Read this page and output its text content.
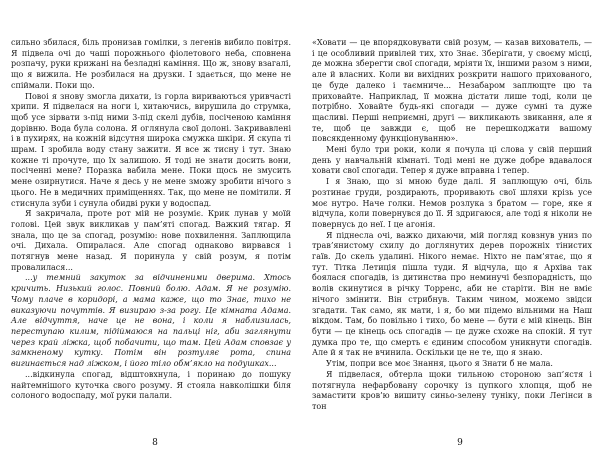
сильно збилася, біль пронизав гомілки, з легенів вибило повітря. Я підвела очі до чаші порожнього фіолетового неба, сповнена розпачу, руки крижані на безладні каміння. Що ж, знову взагалі, що я вижила. Не розбилася на друзки. І здається, що мене не спіймали. Поки що.

Повоі я знову змогла дихати, із горла вириваються уривчасті хрипи. Я підвелася на ноги і, хитаючись, вирушила до струмка, щоб усе зірвати з-під ними 3-під скелі дубів, посіченою каміння дорівню. Вода була солона. Я оглянула свої долоні. Закривавлені і в пухирях, на кожній відсутня широка смужка шкіри. Я скупа ті шрам. І зробила воду стану зажити. Я все ж тисну і тут. Знаю кожне ті прочуте, що їх залишою. Я тоді не знати досить вони, посіченні мене? Поразка вабила мене. Поки щось не змусить мене озирнутися. Наче я десь у не мене зможу зробити нічого з цього. Не в медичних приміщеннях. Так, що мене не помітили. Я стиснула зуби і сунула обидві руки у водоспад.

Я закричала, проте рот мій не розуміє. Крик лунав у моїй голові. Цей звук викликав у пам’яті спогад. Важкий тягар. Я знала, що це за спогад, розумію: нове похвилення. Заплющила очі. Дихала. Опиралася. Але спогад однаково вирвався і потягнув мене назад. Я поринула у свій розум, я потім провалилася...

...у темний закуток за відчиненими дверима. Хтось кричить. Низький голос. Повний болю. Адам. Я не розумію. Чому плаче в коридорі, а мама каже, що то Знає, тихо не виказуючи почуттів. Я визираю з-за рогу. Це кімната Адама. Але відчуття, наче це не вона, і коли я наблизилась, переступаю килим, підіймаюся на пальці ніг, аби заглянути через край ліжка, щоб побачити, що там. Цей Адам сповзає у замкненому кутку. Потім він розтуляє рота, спина вигинається над ліжком, і його тіло обм’якло на подушках...

...відкинула спогад, відштовхнула, і поринаю до пошуку найтемнішого куточка свого розуму. Я стояла навколішки біля солоного водоспаду, мої руки палали.

8

«Ховати — це впорядковувати свій розум, — казав вихователь, — і це особливий привілей тих, хто Знає. Зберігати, у своєму місці, де можна зберегти свої спогади, мріяти їх, іншими разом з ними, але й власних. Коли ви вихідних розкрити нашого прихованого, це буде далеко і таємниче... Незабаром заплющте цю та приховайте. Наприклад, її можна дістати лише тоді, коли це потрібно. Ховайте будь-які спогади — дуже сумні та дуже щасливі. Перші неприємні, другі — викликають звикання, але я те, щоб це завжди є, щоб не перешкоджати вашому повсякденному функціонуванню».

Мені було три роки, коли я почула ці слова у свій перший день у навчальній кімнаті. Тоді мені не дуже добре вдавалося ховати свої спогади. Тепер я дуже вправна і тепер.

І я Знаю, що зі мною буде далі. Я заплющую очі, біль розтинає груди, роздирають, проривають свої шляхи крізь усе моє нутро. Наче голки. Немов розлука з братом — горе, яке я відчула, коли повернувся до її. Я здригаюся, але тоді я ніколи не повернусь до неї. І це агонія.

Я піднесла очі, важко дихаючи, мій погляд ковзнув униз по трав’янистому схилу до доглянутих дерев порожніх тінистих гаїв. До скель удалині. Нікого немає. Ніхто не пам’ятає, що я тут. Тітка Летиція пішла туди. Я відчула, що я Архіва так боялася спогадів, із дитинства про неминучі безпорадність, що волів скинутися в річку Торренс, аби не старіти. Він не вміє нічого змінити. Він стрибнув. Таким чином, можемо звідси згадати. Так само, як мати, і я, бо ми підемо вільними на Наш вікдом. Там, бо повільно і тихо, бо мене — бути є мій кінець. Він бути — це кінець ось спогадів — це дуже схоже на спокій. Я тут думка про те, що смерть є єдиним способом уникнути спогадів. Але й я так не вчинила. Оскільки це не те, що я знаю.

Утім, попри все моє Знання, цього я Знати б не мала.

Я підвелася, обтерла щоки тильною стороною зап’ястя і потягнула нефарбовану сорочку із цупкого хлопця, щоб не замастити кров’ю вишиту синьо-зелену туніку, поки Легінси в тон

9
